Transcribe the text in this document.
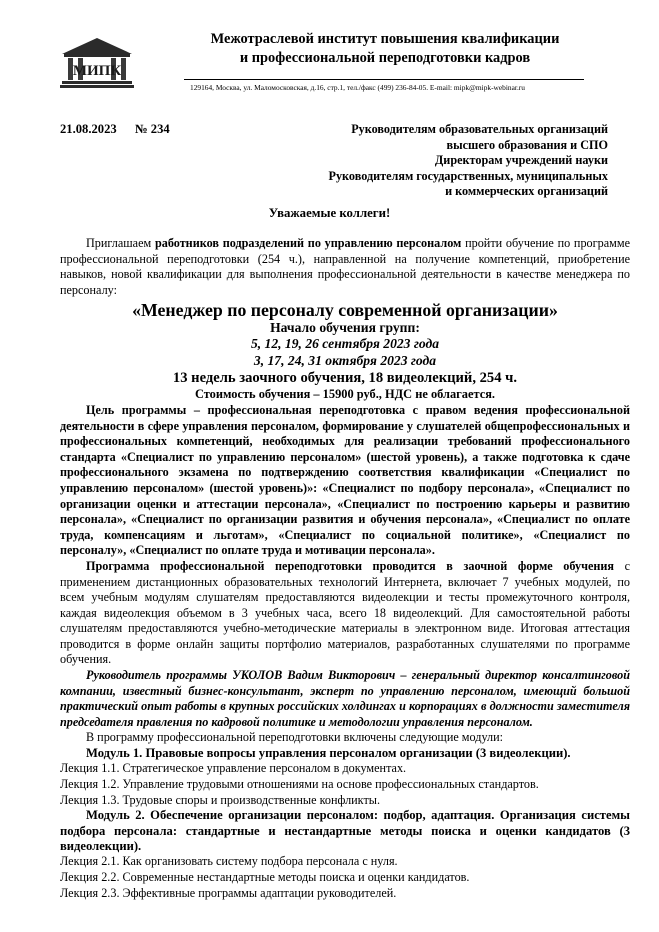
МИПК
Межотраслевой институт повышения квалификации
и профессиональной переподготовки кадров
129164, Москва, ул. Маломосковская, д.16, стр.1, тел./факс (499) 236-84-05. E-mail: mipk@mipk-webinar.ru
21.08.2023 № 234	Руководителям образовательных организаций
высшего образования и СПО
Директорам учреждений науки
Руководителям государственных, муниципальных
и коммерческих организаций
Уважаемые коллеги!

Приглашаем работников подразделений по управлению персоналом пройти обучение по программе профессиональной переподготовки (254 ч.), направленной на получение компетенций, приобретение навыков, новой квалификации для выполнения профессиональной деятельности в качестве менеджера по персоналу:

«Менеджер по персоналу современной организации»

Начало обучения групп:

5, 12, 19, 26 сентября 2023 года

3, 17, 24, 31 октября 2023 года

13 недель заочного обучения, 18 видеолекций, 254 ч.

Стоимость обучения – 15900 руб., НДС не облагается.

Цель программы – профессиональная переподготовка с правом ведения профессиональной деятельности в сфере управления персоналом, формирование у слушателей общепрофессиональных и профессиональных компетенций, необходимых для реализации требований профессионального стандарта «Специалист по управлению персоналом» (шестой уровень), а также подготовка к сдаче профессионального экзамена по подтверждению соответствия квалификации «Специалист по управлению персоналом» (шестой уровень)»: «Специалист по подбору персонала», «Специалист по организации оценки и аттестации персонала», «Специалист по построению карьеры и развитию персонала», «Специалист по организации развития и обучения персонала», «Специалист по оплате труда, компенсациям и льготам», «Специалист по социальной политике», «Специалист по персоналу», «Специалист по оплате труда и мотивации персонала».

Программа профессиональной переподготовки проводится в заочной форме обучения с применением дистанционных образовательных технологий Интернета, включает 7 учебных модулей, по всем учебным модулям слушателям предоставляются видеолекции и тесты промежуточного контроля, каждая видеолекция объемом в 3 учебных часа, всего 18 видеолекций. Для самостоятельной работы слушателям предоставляются учебно-методические материалы в электронном виде. Итоговая аттестация проводится в форме онлайн защиты портфолио материалов, разработанных слушателями по программе обучения.

Руководитель программы УКОЛОВ Вадим Викторович – генеральный директор консалтинговой компании, известный бизнес-консультант, эксперт по управлению персоналом, имеющий большой практический опыт работы в крупных российских холдингах и корпорациях в должности заместителя председателя правления по кадровой политике и методологии управления персоналом.

В программу профессиональной переподготовки включены следующие модули:

Модуль 1. Правовые вопросы управления персоналом организации (3 видеолекции).

Лекция 1.1. Стратегическое управление персоналом в документах.

Лекция 1.2. Управление трудовыми отношениями на основе профессиональных стандартов.

Лекция 1.3. Трудовые споры и производственные конфликты.

Модуль 2. Обеспечение организации персоналом: подбор, адаптация. Организация системы подбора персонала: стандартные и нестандартные методы поиска и оценки кандидатов (3 видеолекции).

Лекция 2.1. Как организовать систему подбора персонала с нуля.

Лекция 2.2. Современные нестандартные методы поиска и оценки кандидатов.

Лекция 2.3. Эффективные программы адаптации руководителей.
